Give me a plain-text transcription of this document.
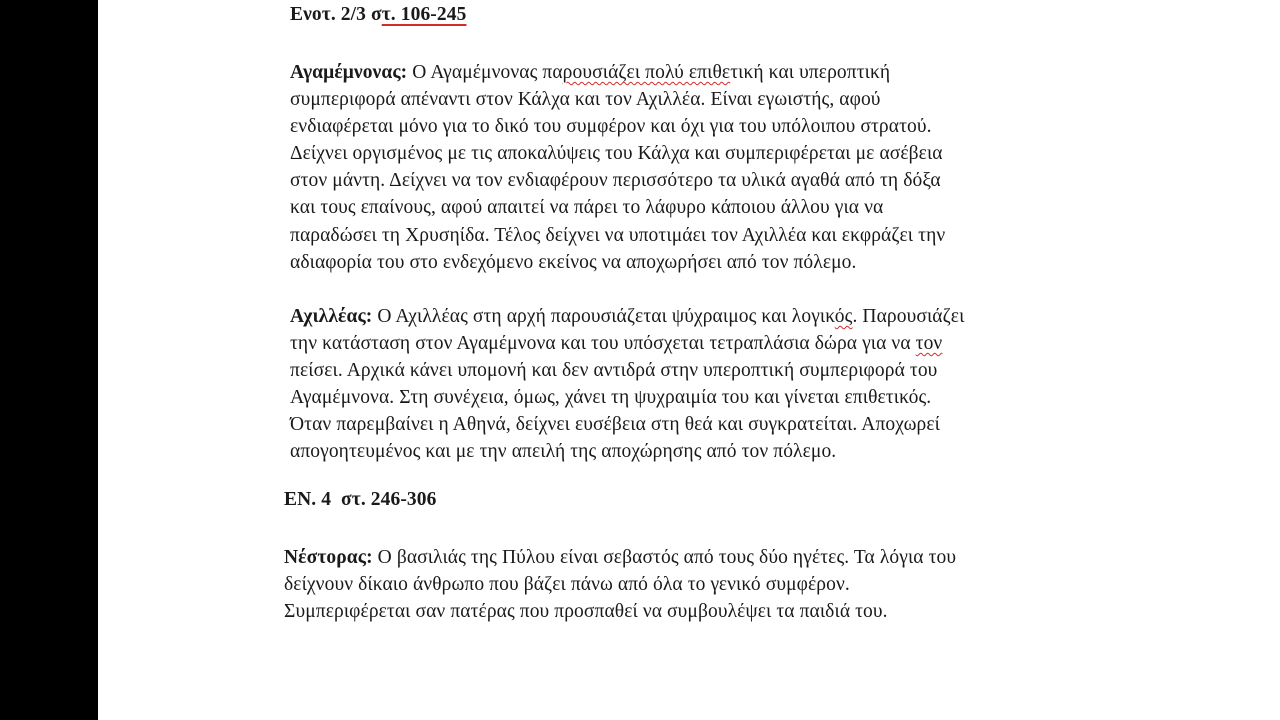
Ενοτ. 2/3 στ. 106-245
Αγαμέμνονας: Ο Αγαμέμνονας παρουσιάζει πολύ επιθετική και υπεροπτική
συμπεριφορά απέναντι στον Κάλχα και τον Αχιλλέα. Είναι εγωιστής, αφού
ενδιαφέρεται μόνο για το δικό του συμφέρον και όχι για του υπόλοιπου στρατού.
Δείχνει οργισμένος με τις αποκαλύψεις του Κάλχα και συμπεριφέρεται με ασέβεια
στον μάντη. Δείχνει να τον ενδιαφέρουν περισσότερο τα υλικά αγαθά από τη δόξα
και τους επαίνους, αφού απαιτεί να πάρει το λάφυρο κάποιου άλλου για να
παραδώσει τη Χρυσηίδα. Τέλος δείχνει να υποτιμάει τον Αχιλλέα και εκφράζει την
αδιαφορία του στο ενδεχόμενο εκείνος να αποχωρήσει από τον πόλεμο.
Αχιλλέας: Ο Αχιλλέας στη αρχή παρουσιάζεται ψύχραιμος και λογικός. Παρουσιάζει
την κατάσταση στον Αγαμέμνονα και του υπόσχεται τετραπλάσια δώρα για να τον
πείσει. Αρχικά κάνει υπομονή και δεν αντιδρά στην υπεροπτική συμπεριφορά του
Αγαμέμνονα. Στη συνέχεια, όμως, χάνει τη ψυχραιμία του και γίνεται επιθετικός.
Όταν παρεμβαίνει η Αθηνά, δείχνει ευσέβεια στη θεά και συγκρατείται. Αποχωρεί
απογοητευμένος και με την απειλή της αποχώρησης από τον πόλεμο.
ΕΝ. 4  στ. 246-306
Νέστορας: Ο βασιλιάς της Πύλου είναι σεβαστός από τους δύο ηγέτες. Τα λόγια του
δείχνουν δίκαιο άνθρωπο που βάζει πάνω από όλα το γενικό συμφέρον.
Συμπεριφέρεται σαν πατέρας που προσπαθεί να συμβουλέψει τα παιδιά του.
